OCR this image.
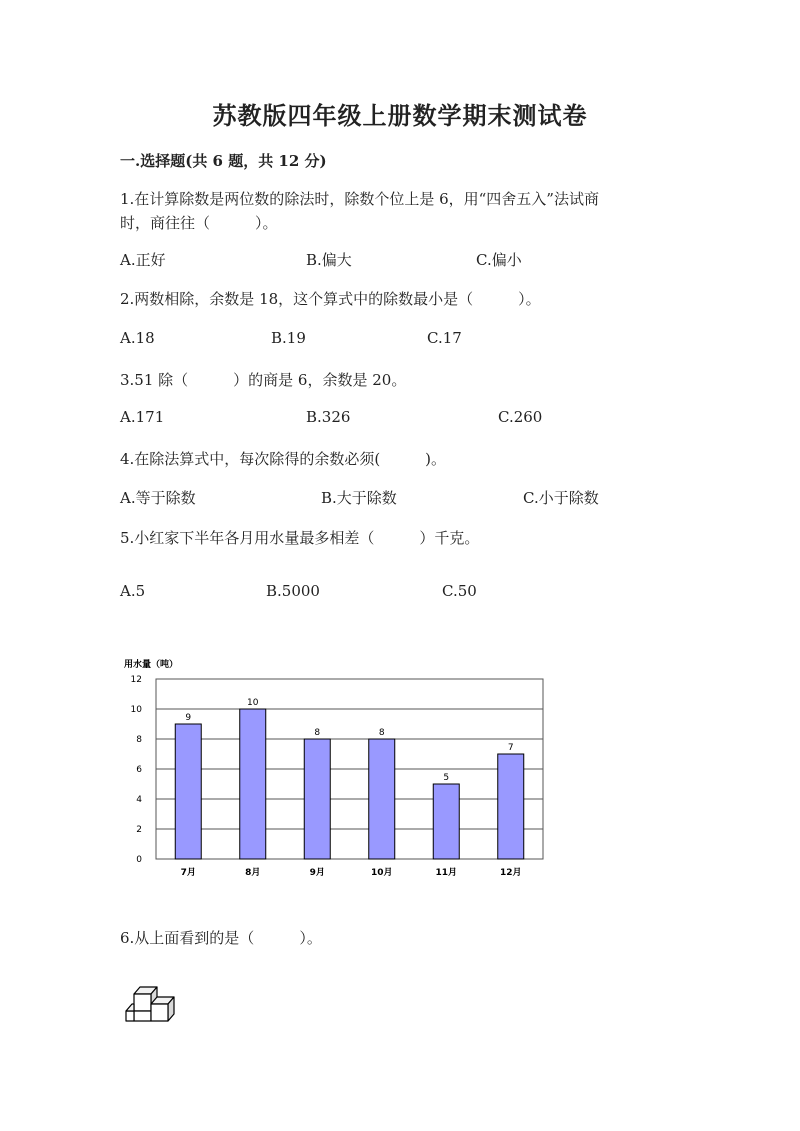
苏教版四年级上册数学期末测试卷
一.选择题(共 6 题，共 12 分)
1.在计算除数是两位数的除法时，除数个位上是 6，用“四舍五入”法试商
时，商往往（　　　）。
A.正好	B.偏大	C.偏小
2.两数相除，余数是 18，这个算式中的除数最小是（　　　）。
A.18	B.19	C.17
3.51 除（　　　）的商是 6，余数是 20。
A.171	B.326	C.260
4.在除法算式中，每次除得的余数必须(　　　)。
A.等于除数	B.大于除数	C.小于除数
5.小红家下半年各月用水量最多相差（　　　）千克。
A.5	B.5000	C.50
用水量（吨）
0
2
4
6
8
10
12
9
7月
10
8月
8
9月
8
10月
5
11月
7
12月
6.从上面看到的是（　　　）。
